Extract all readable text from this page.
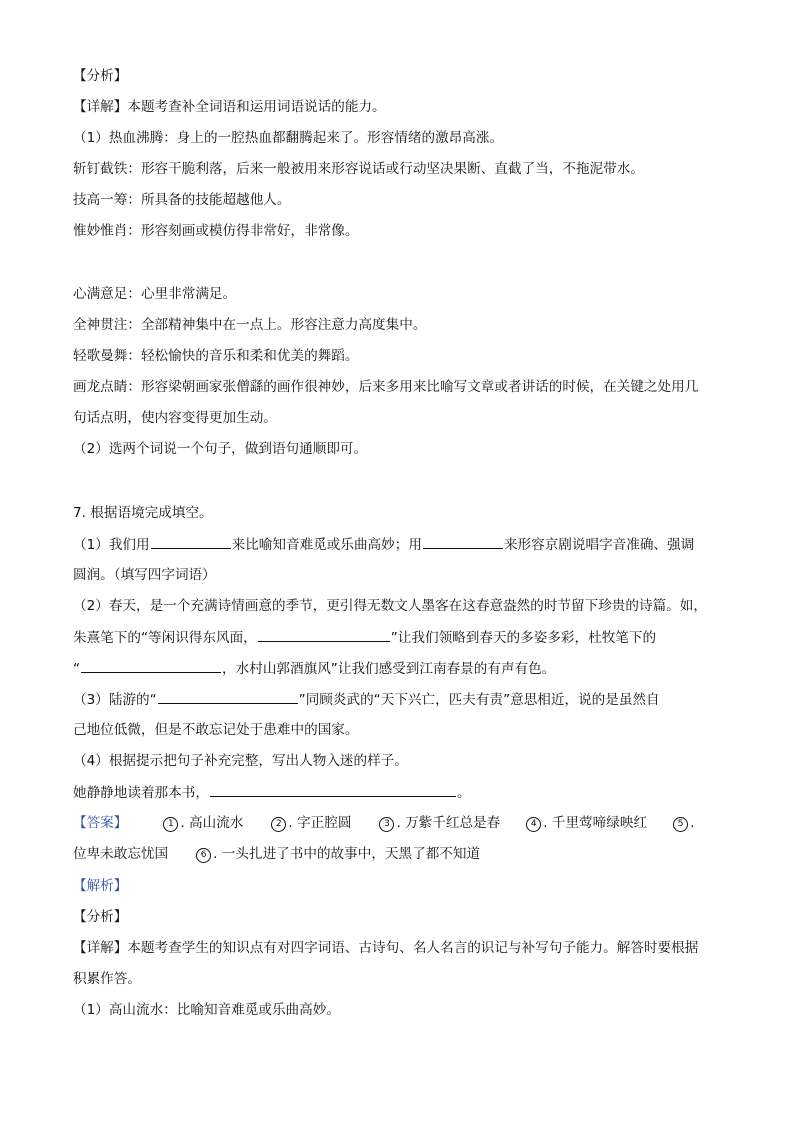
【分析】
【详解】本题考查补全词语和运用词语说话的能力。
（1）热血沸腾：身上的一腔热血都翻腾起来了。形容情绪的激昂高涨。
斩钉截铁：形容干脆利落，后来一般被用来形容说话或行动坚决果断、直截了当，不拖泥带水。
技高一筹：所具备的技能超越他人。
惟妙惟肖：形容刻画或模仿得非常好，非常像。
心满意足：心里非常满足。
全神贯注：全部精神集中在一点上。形容注意力高度集中。
轻歌曼舞：轻松愉快的音乐和柔和优美的舞蹈。
画龙点睛：形容梁朝画家张僧繇的画作很神妙，后来多用来比喻写文章或者讲话的时候，在关键之处用几
句话点明，使内容变得更加生动。
（2）选两个词说一个句子，做到语句通顺即可。
7. 根据语境完成填空。
（1）我们用	来比喻知音难觅或乐曲高妙；用	来形容京剧说唱字音准确、强调
圆润。（填写四字词语）
（2）春天，是一个充满诗情画意的季节，更引得无数文人墨客在这春意盎然的时节留下珍贵的诗篇。如，
朱熹笔下的“等闲识得东风面，	”让我们领略到春天的多姿多彩，杜牧笔下的
“	，水村山郭酒旗风”让我们感受到江南春景的有声有色。
（3）陆游的“	”同顾炎武的“天下兴亡，匹夫有责”意思相近，说的是虽然自
己地位低微，但是不敢忘记处于患难中的国家。
（4）根据提示把句子补充完整，写出人物入迷的样子。
她静静地读着那本书，	。
【答案】	1 . 高山流水	2 . 字正腔圆	3 . 万紫千红总是春	4 . 千里莺啼绿映红	5 .
位卑未敢忘忧国	6 . 一头扎进了书中的故事中，天黑了都不知道
【解析】
【分析】
【详解】本题考查学生的知识点有对四字词语、古诗句、名人名言的识记与补写句子能力。解答时要根据
积累作答。
（1）高山流水：比喻知音难觅或乐曲高妙。
